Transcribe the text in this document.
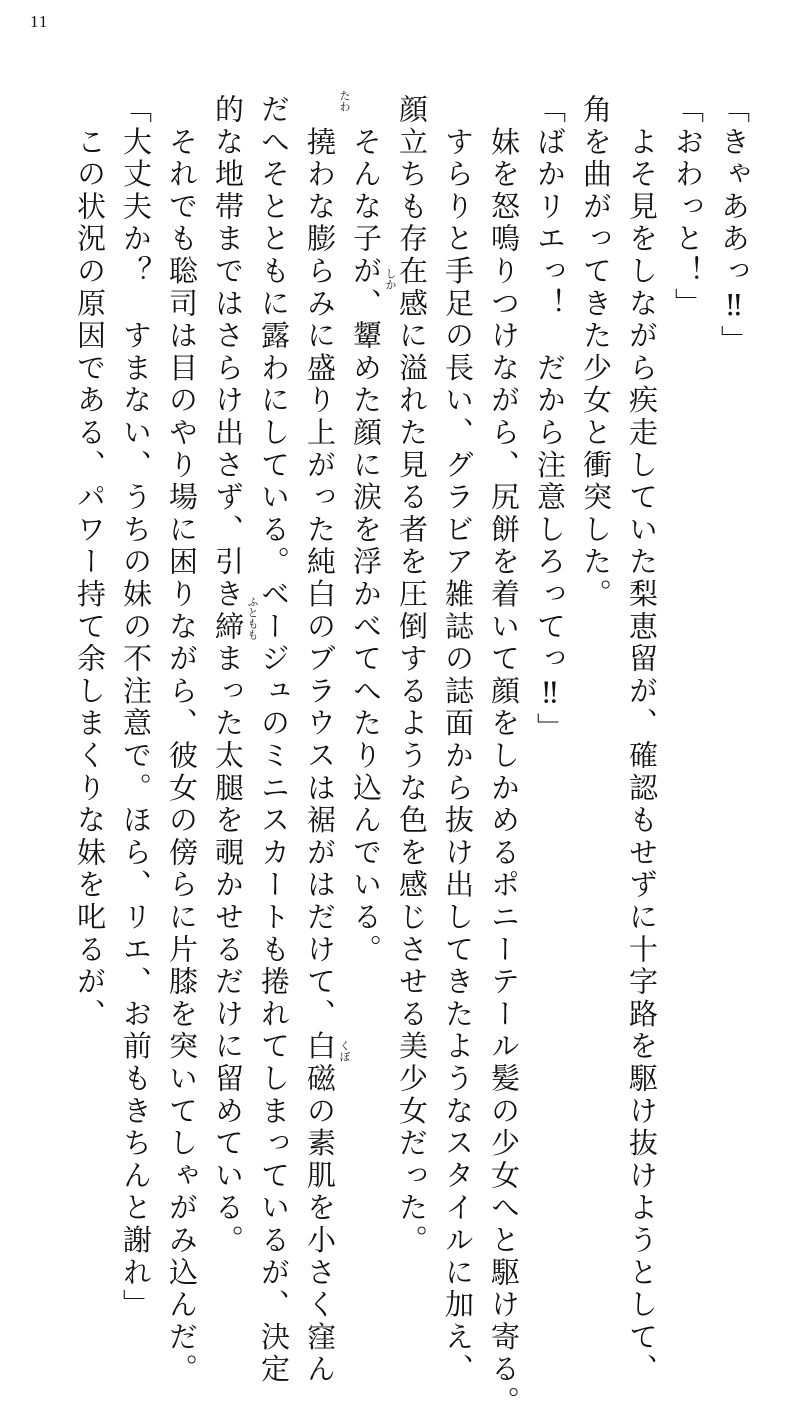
11
「きゃああっ‼」
「おわっと！」
　よそ見をしながら疾走していた梨恵留が、確認もせずに十字路を駆け抜けようとして、
角を曲がってきた少女と衝突した。
「ばかリエっ！　だから注意しろってっ‼」
　妹を怒鳴りつけながら、尻餅を着いて顔をしかめるポニーテール髪の少女へと駆け寄る。
　すらりと手足の長い、グラビア雑誌の誌面から抜け出してきたようなスタイルに加え、
顔立ちも存在感に溢れた見る者を圧倒するような色を感じさせる美少女だった。
　そんな子が、顰めた顔に涙を浮かべてへたり込んでいる。
　撓わな膨らみに盛り上がった純白のブラウスは裾がはだけて、白磁の素肌を小さく窪ん
だへそとともに露わにしている。ベージュのミニスカートも捲れてしまっているが、決定
的な地帯まではさらけ出さず、引き締まった太腿を覗かせるだけに留めている。
　それでも聡司は目のやり場に困りながら、彼女の傍らに片膝を突いてしゃがみ込んだ。
「大丈夫か？　すまない、うちの妹の不注意で。ほら、リエ、お前もきちんと謝れ」
　この状況の原因である、パワー持て余しまくりな妹を叱るが、	たわ
しか
くぼ
ふともも
